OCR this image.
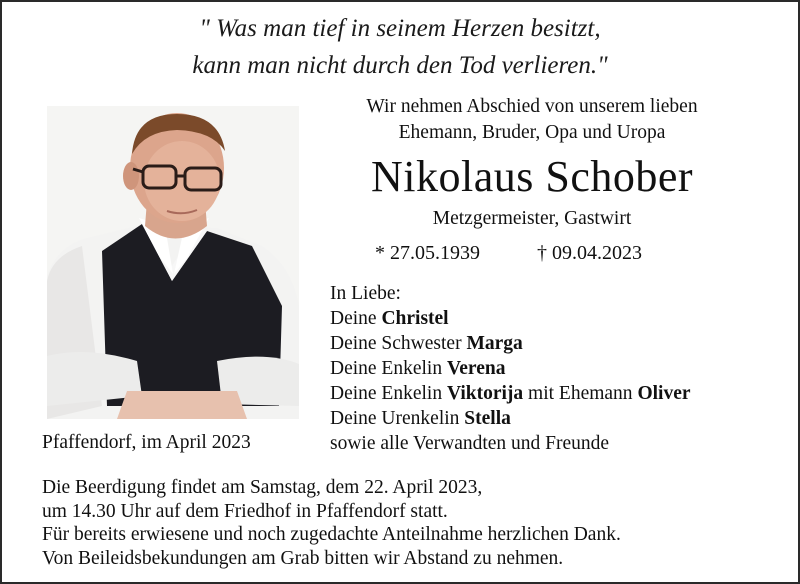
" Was man tief in seinem Herzen besitzt,
kann man nicht durch den Tod verlieren."
Wir nehmen Abschied von unserem lieben
Ehemann, Bruder, Opa und Uropa
Nikolaus Schober
Metzgermeister, Gastwirt
* 27.05.1939	† 09.04.2023
In Liebe:
Deine Christel
Deine Schwester Marga
Deine Enkelin Verena
Deine Enkelin Viktorija mit Ehemann Oliver
Deine Urenkelin Stella
sowie alle Verwandten und Freunde
Pfaffendorf, im April 2023
Die Beerdigung findet am Samstag, dem 22. April 2023,
um 14.30 Uhr auf dem Friedhof in Pfaffendorf statt.
Für bereits erwiesene und noch zugedachte Anteilnahme herzlichen Dank.
Von Beileidsbekundungen am Grab bitten wir Abstand zu nehmen.
